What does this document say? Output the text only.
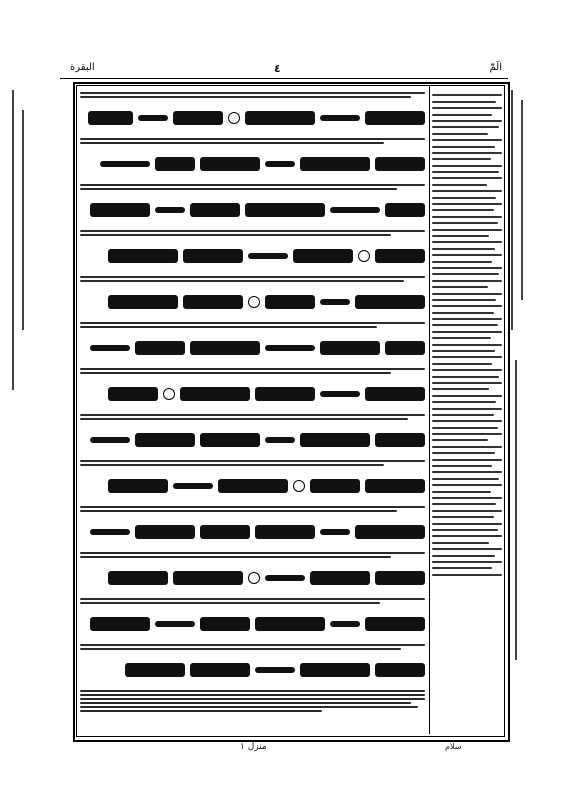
البقرة	٤	الٓمّٓ
منزل ۱	سلام
